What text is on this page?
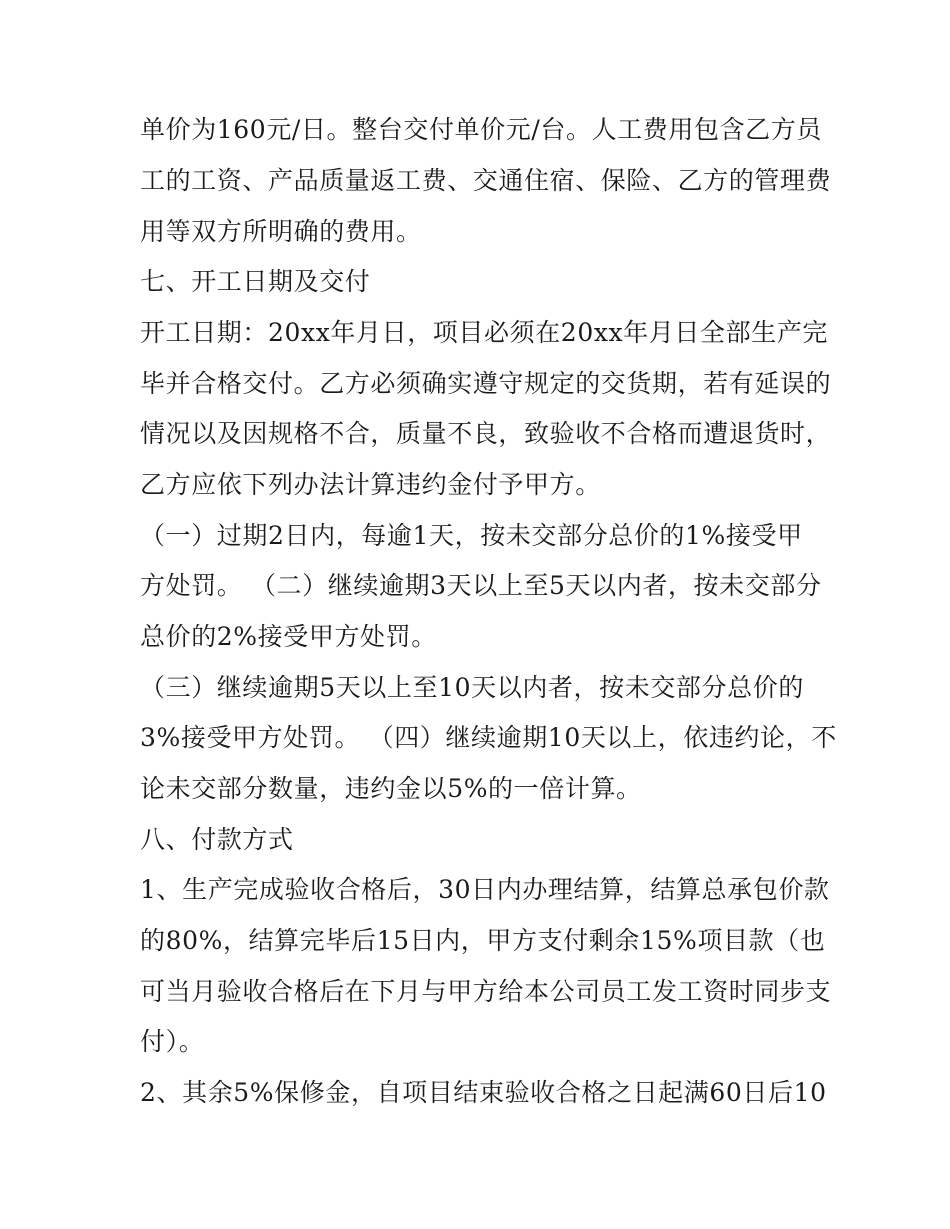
单价为160元/日。整台交付单价元/台。人工费用包含乙方员
工的工资、产品质量返工费、交通住宿、保险、乙方的管理费
用等双方所明确的费用。
七、开工日期及交付
开工日期：20xx年月日，项目必须在20xx年月日全部生产完
毕并合格交付。乙方必须确实遵守规定的交货期，若有延误的
情况以及因规格不合，质量不良，致验收不合格而遭退货时，
乙方应依下列办法计算违约金付予甲方。
（一）过期2日内，每逾1天，按未交部分总价的1%接受甲
方处罚。 （二）继续逾期3天以上至5天以内者，按未交部分
总价的2%接受甲方处罚。
（三）继续逾期5天以上至10天以内者，按未交部分总价的
3%接受甲方处罚。 （四）继续逾期10天以上，依违约论，不
论未交部分数量，违约金以5%的一倍计算。
八、付款方式
1、生产完成验收合格后，30日内办理结算，结算总承包价款
的80%，结算完毕后15日内，甲方支付剩余15%项目款（也
可当月验收合格后在下月与甲方给本公司员工发工资时同步支
付）。
2、其余5%保修金，自项目结束验收合格之日起满60日后10
